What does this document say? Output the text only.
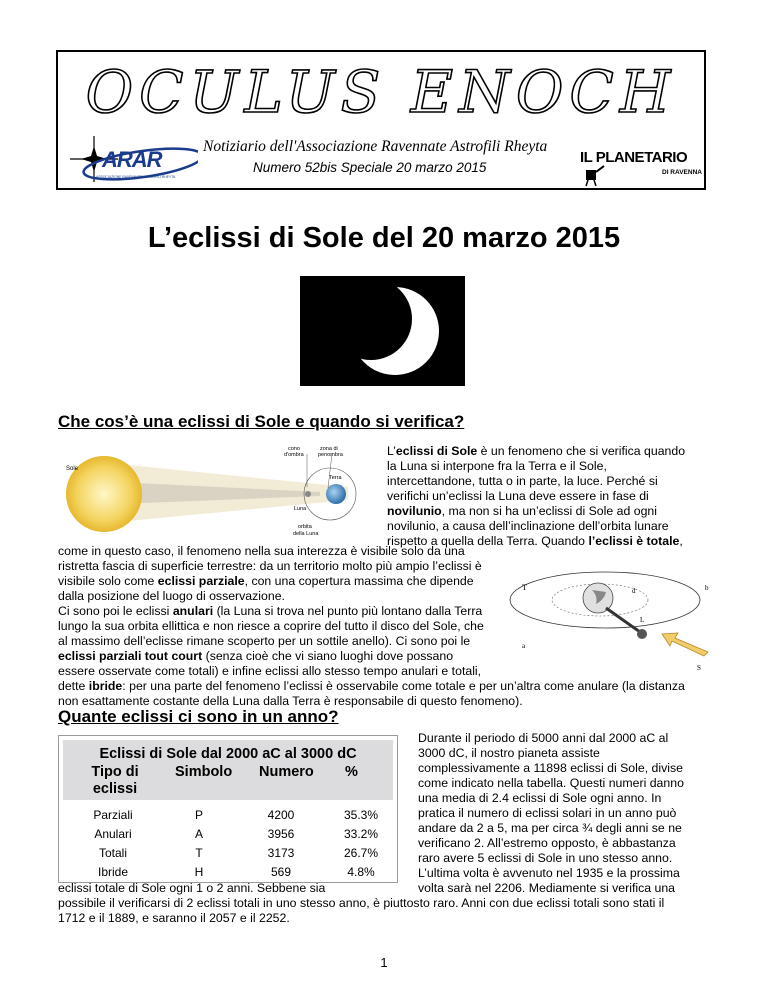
OCULUS ENOCH
ARAR
ASSOCIAZIONE RAVENNATE ASTROFILI RHEYTA
Notiziario dell'Associazione Ravennate Astrofili Rheyta
Numero 52bis Speciale 20 marzo 2015
IL PLANETARIO
DI RAVENNA
L’eclissi di Sole del 20 marzo 2015
Che cos’è una eclissi di Sole e quando si verifica?
Sole
cono
d'ombra
zona di
penombra
Terra
Luna
orbita
della Luna
L’eclissi di Sole è un fenomeno che si verifica quando
la Luna si interpone fra la Terra e il Sole,
intercettandone, tutta o in parte, la luce. Perché si
verifichi un’eclissi la Luna deve essere in fase di
novilunio, ma non si ha un’eclissi di Sole ad ogni
novilunio, a causa dell’inclinazione dell’orbita lunare
rispetto a quella della Terra. Quando l’eclissi è totale,
T	d	b
L
a
S
come in questo caso, il fenomeno nella sua interezza è visibile solo da una
ristretta fascia di superficie terrestre: da un territorio molto più ampio l’eclissi è
visibile solo come eclissi parziale, con una copertura massima che dipende
dalla posizione del luogo di osservazione.
Ci sono poi le eclissi anulari (la Luna si trova nel punto più lontano dalla Terra
lungo la sua orbita ellittica e non riesce a coprire del tutto il disco del Sole, che
al massimo dell’eclisse rimane scoperto per un sottile anello). Ci sono poi le
eclissi parziali tout court (senza cioè che vi siano luoghi dove possano
essere osservate come totali) e infine eclissi allo stesso tempo anulari e totali,
dette ibride: per una parte del fenomeno l’eclissi è osservabile come totale e per un’altra come anulare (la distanza
non esattamente costante della Luna dalla Terra è responsabile di questo fenomeno).
Quante eclissi ci sono in un anno?
Eclissi di Sole dal 2000 aC al 3000 dC
Tipo di eclissi
Simbolo Numero %
Parziali	P	4200	35.3%
Anulari	A	3956	33.2%
Totali	T	3173	26.7%
Ibride	H	569	4.8%
Durante il periodo di 5000 anni dal 2000 aC al
3000 dC, il nostro pianeta assiste
complessivamente a 11898 eclissi di Sole, divise
come indicato nella tabella. Questi numeri danno
una media di 2.4 eclissi di Sole ogni anno. In
pratica il numero di eclissi solari in un anno può
andare da 2 a 5, ma per circa ¾ degli anni se ne
verificano 2. All’estremo opposto, è abbastanza
raro avere 5 eclissi di Sole in uno stesso anno.
L’ultima volta è avvenuto nel 1935 e la prossima
volta sarà nel 2206. Mediamente si verifica una
eclissi totale di Sole ogni 1 o 2 anni. Sebbene sia
possibile il verificarsi di 2 eclissi totali in uno stesso anno, è piuttosto raro. Anni con due eclissi totali sono stati il
1712 e il 1889, e saranno il 2057 e il 2252.
1
